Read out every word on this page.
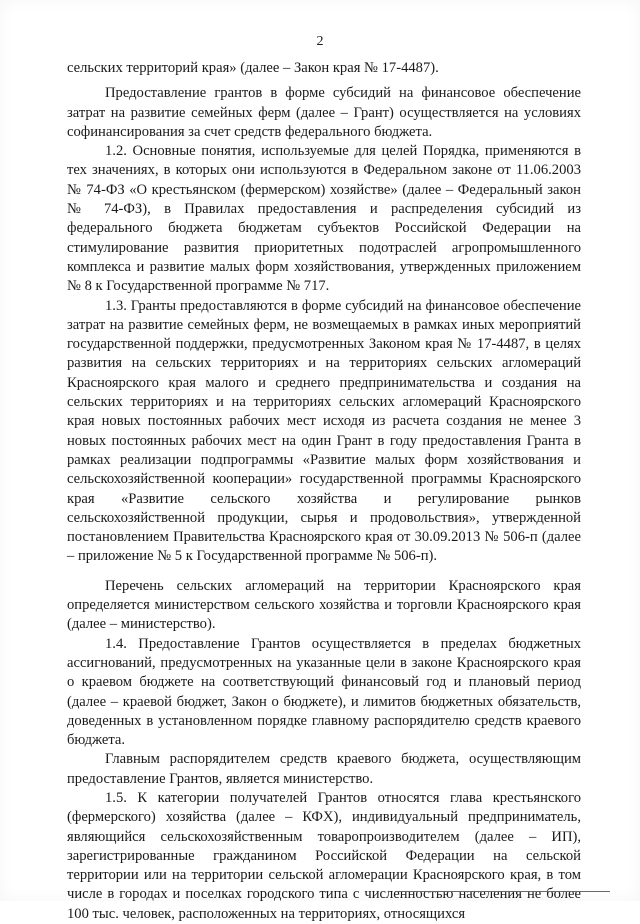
2

сельских территорий края» (далее – Закон края № 17-4487).

Предоставление грантов в форме субсидий на финансовое обеспечение затрат на развитие семейных ферм (далее – Грант) осуществляется на условиях софинансирования за счет средств федерального бюджета.

1.2. Основные понятия, используемые для целей Порядка, применяются в тех значениях, в которых они используются в Федеральном законе от 11.06.2003 № 74-ФЗ «О крестьянском (фермерском) хозяйстве» (далее – Федеральный закон № 74-ФЗ), в Правилах предоставления и распределения субсидий из федерального бюджета бюджетам субъектов Российской Федерации на стимулирование развития приоритетных подотраслей агропромышленного комплекса и развитие малых форм хозяйствования, утвержденных приложением № 8 к Государственной программе № 717.

1.3. Гранты предоставляются в форме субсидий на финансовое обеспечение затрат на развитие семейных ферм, не возмещаемых в рамках иных мероприятий государственной поддержки, предусмотренных Законом края № 17-4487, в целях развития на сельских территориях и на территориях сельских агломераций Красноярского края малого и среднего предпринимательства и создания на сельских территориях и на территориях сельских агломераций Красноярского края новых постоянных рабочих мест исходя из расчета создания не менее 3 новых постоянных рабочих мест на один Грант в году предоставления Гранта в рамках реализации подпрограммы «Развитие малых форм хозяйствования и сельскохозяйственной кооперации» государственной программы Красноярского края «Развитие сельского хозяйства и регулирование рынков сельскохозяйственной продукции, сырья и продовольствия», утвержденной постановлением Правительства Красноярского края от 30.09.2013 № 506-п (далее – приложение № 5 к Государственной программе № 506-п).

Перечень сельских агломераций на территории Красноярского края определяется министерством сельского хозяйства и торговли Красноярского края (далее – министерство).

1.4. Предоставление Грантов осуществляется в пределах бюджетных ассигнований, предусмотренных на указанные цели в законе Красноярского края о краевом бюджете на соответствующий финансовый год и плановый период (далее – краевой бюджет, Закон о бюджете), и лимитов бюджетных обязательств, доведенных в установленном порядке главному распорядителю средств краевого бюджета.

Главным распорядителем средств краевого бюджета, осуществляющим предоставление Грантов, является министерство.

1.5. К категории получателей Грантов относятся глава крестьянского (фермерского) хозяйства (далее – КФХ), индивидуальный предприниматель, являющийся сельскохозяйственным товаропроизводителем (далее – ИП), зарегистрированные гражданином Российской Федерации на сельской территории или на территории сельской агломерации Красноярского края, в том числе в городах и поселках городского типа с численностью населения не более 100 тыс. человек, расположенных на территориях, относящихся
